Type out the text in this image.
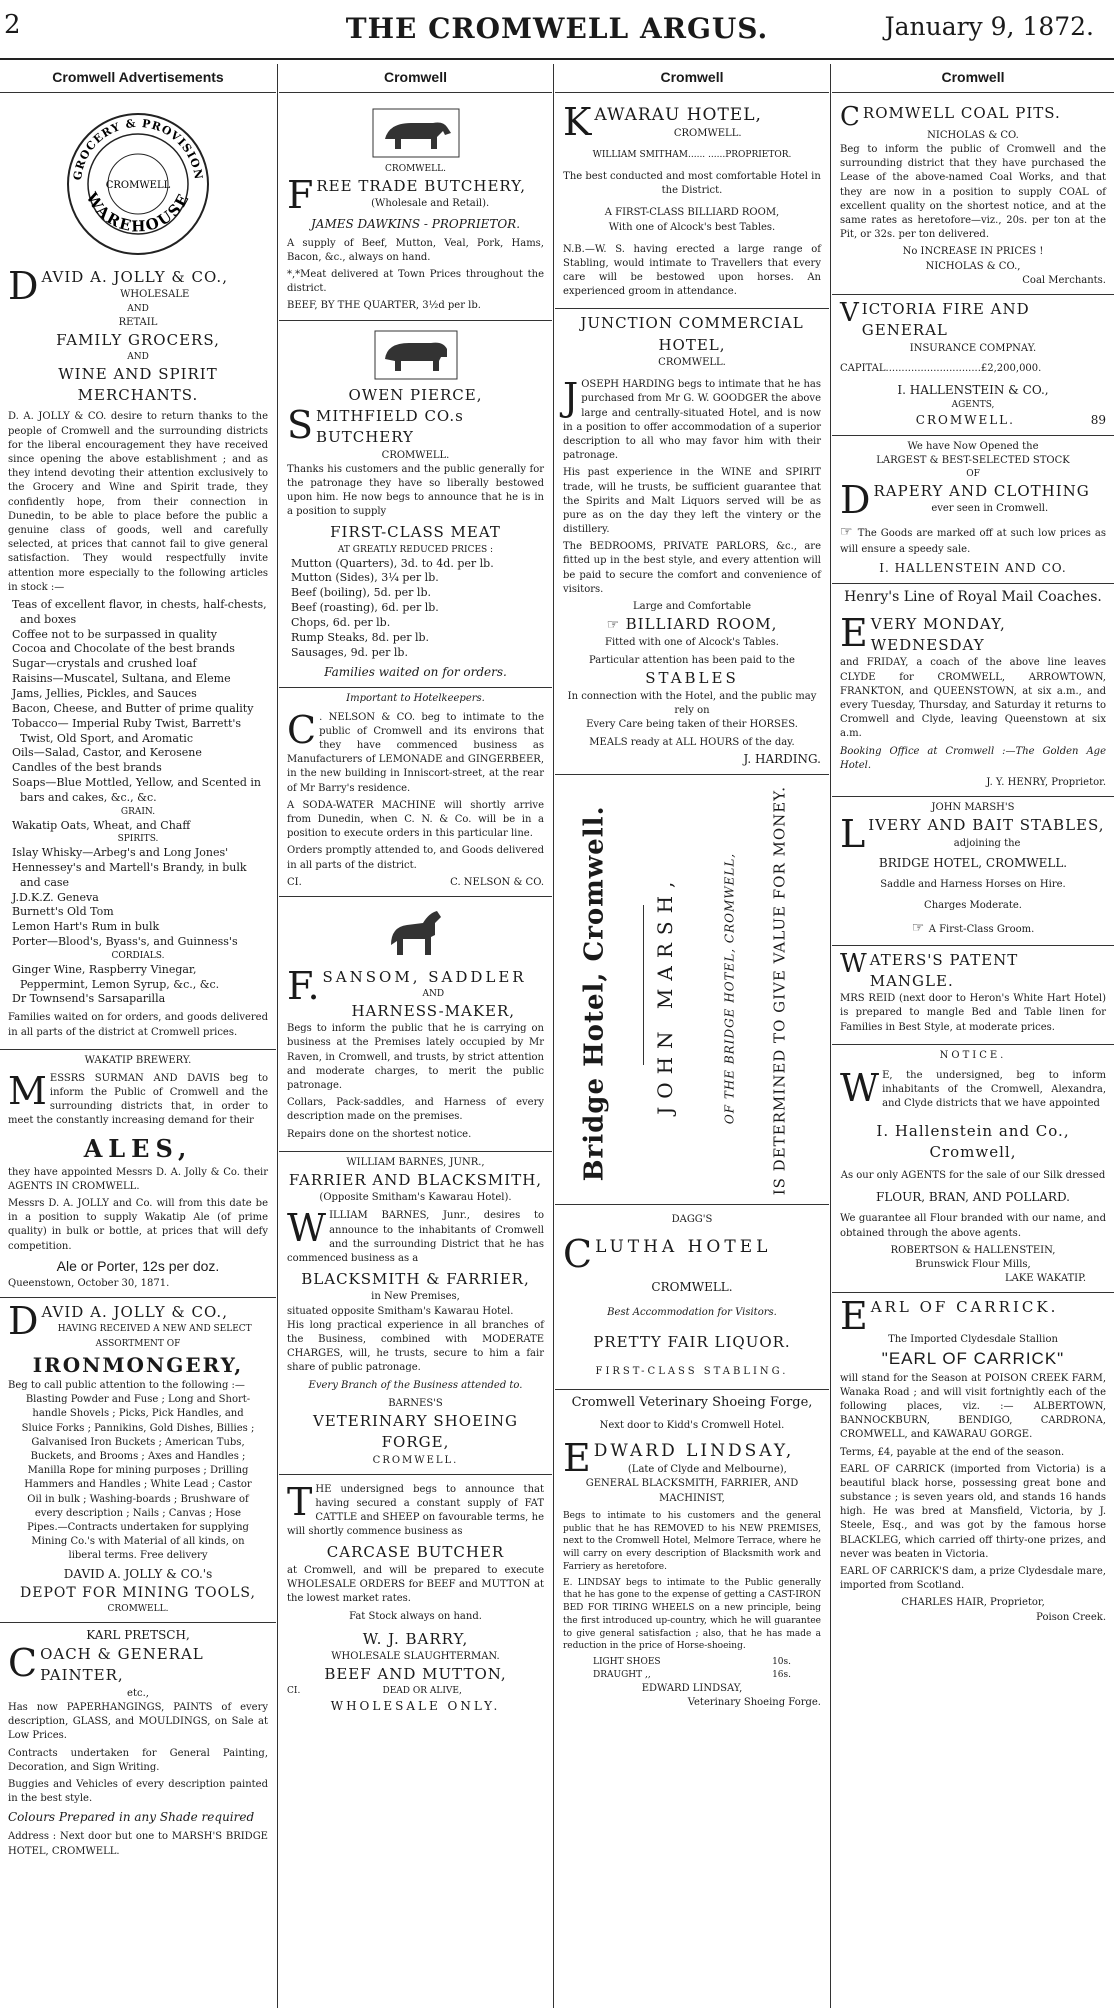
2	THE CROMWELL ARGUS.	January 9, 1872.
Cromwell Advertisements
GROCERY & PROVISION
WAREHOUSE
CROMWELL
D AVID A. JOLLY & CO.,
WHOLESALE
AND
RETAIL
FAMILY GROCERS,
AND
WINE AND SPIRIT MERCHANTS.

D. A. JOLLY & CO. desire to return thanks to the people of Cromwell and the surrounding districts for the liberal encouragement they have received since opening the above establishment ; and as they intend devoting their attention exclusively to the Grocery and Wine and Spirit trade, they confidently hope, from their connection in Dunedin, to be able to place before the public a genuine class of goods, well and carefully selected, at prices that cannot fail to give general satisfaction. They would respectfully invite attention more especially to the following articles in stock :—

Teas of excellent flavor, in chests, half-chests, and boxes
Coffee not to be surpassed in quality
Cocoa and Chocolate of the best brands
Sugar—crystals and crushed loaf
Raisins—Muscatel, Sultana, and Eleme
Jams, Jellies, Pickles, and Sauces
Bacon, Cheese, and Butter of prime quality
Tobacco— Imperial Ruby Twist, Barrett's Twist, Old Sport, and Aromatic
Oils—Salad, Castor, and Kerosene
Candles of the best brands
Soaps—Blue Mottled, Yellow, and Scented in bars and cakes, &c., &c.
GRAIN.
Wakatip Oats, Wheat, and Chaff
SPIRITS.
Islay Whisky—Arbeg's and Long Jones'
Hennessey's and Martell's Brandy, in bulk and case
J.D.K.Z. Geneva
Burnett's Old Tom
Lemon Hart's Rum in bulk
Porter—Blood's, Byass's, and Guinness's
CORDIALS.
Ginger Wine, Raspberry Vinegar, Peppermint, Lemon Syrup, &c., &c.
Dr Townsend's Sarsaparilla

Families waited on for orders, and goods delivered in all parts of the district at Cromwell prices.

WAKATIP BREWERY.
M ESSRS SURMAN AND DAVIS beg to inform the Public of Cromwell and the surrounding districts that, in order to meet the constantly increasing demand for their

ALES,

they have appointed Messrs D. A. Jolly & Co. their AGENTS IN CROMWELL.

Messrs D. A. JOLLY and Co. will from this date be in a position to supply Wakatip Ale (of prime quality) in bulk or bottle, at prices that will defy competition.

Ale or Porter, 12s per doz.
Queenstown, October 30, 1871.
D AVID A. JOLLY & CO.,
HAVING RECEIVED A NEW AND SELECT
ASSORTMENT OF
IRONMONGERY,
Beg to call public attention to the following :—

Blasting Powder and Fuse ; Long and Short-handle Shovels ; Picks, Pick Handles, and Sluice Forks ; Pannikins, Gold Dishes, Billies ; Galvanised Iron Buckets ; American Tubs, Buckets, and Brooms ; Axes and Handles ; Manilla Rope for mining purposes ; Drilling Hammers and Handles ; White Lead ; Castor Oil in bulk ; Washing-boards ; Brushware of every description ; Nails ; Canvas ; Hose Pipes.—Contracts undertaken for supplying Mining Co.'s with Material of all kinds, on liberal terms. Free delivery

DAVID A. JOLLY & CO.'s
DEPOT FOR MINING TOOLS,
CROMWELL.
KARL PRETSCH,
C OACH & GENERAL PAINTER,
etc.,

Has now PAPERHANGINGS, PAINTS of every description, GLASS, and MOULDINGS, on Sale at Low Prices.

Contracts undertaken for General Painting, Decoration, and Sign Writing.

Buggies and Vehicles of every description painted in the best style.

Colours Prepared in any Shade required

Address : Next door but one to MARSH'S BRIDGE HOTEL, CROMWELL.

Cromwell
CROMWELL.
F REE TRADE BUTCHERY,
(Wholesale and Retail).
JAMES DAWKINS - PROPRIETOR.

A supply of Beef, Mutton, Veal, Pork, Hams, Bacon, &c., always on hand.

*,*Meat delivered at Town Prices throughout the district.

BEEF, BY THE QUARTER, 3½d per lb.
OWEN PIERCE,
S MITHFIELD CO.s BUTCHERY
CROMWELL.

Thanks his customers and the public generally for the patronage they have so liberally bestowed upon him. He now begs to announce that he is in a position to supply

FIRST-CLASS MEAT
AT GREATLY REDUCED PRICES :
Mutton (Quarters), 3d. to 4d. per lb.
Mutton (Sides), 3¼ per lb.
Beef (boiling), 5d. per lb.
Beef (roasting), 6d. per lb.
Chops, 6d. per lb.
Rump Steaks, 8d. per lb.
Sausages, 9d. per lb.
Families waited on for orders.
Important to Hotelkeepers.
C . NELSON & CO. beg to intimate to the public of Cromwell and its environs that they have commenced business as Manufacturers of LEMONADE and GINGERBEER, in the new building in Inniscort-street, at the rear of Mr Barry's residence.

A SODA-WATER MACHINE will shortly arrive from Dunedin, when C. N. & Co. will be in a position to execute orders in this particular line.

Orders promptly attended to, and Goods delivered in all parts of the district.

CI.	C. NELSON & CO.
F. SANSOM, SADDLER
AND
HARNESS-MAKER,

Begs to inform the public that he is carrying on business at the Premises lately occupied by Mr Raven, in Cromwell, and trusts, by strict attention and moderate charges, to merit the public patronage.

Collars, Pack-saddles, and Harness of every description made on the premises.

Repairs done on the shortest notice.

WILLIAM BARNES, JUNR.,
FARRIER AND BLACKSMITH,
(Opposite Smitham's Kawarau Hotel).
W ILLIAM BARNES, Junr., desires to announce to the inhabitants of Cromwell and the surrounding District that he has commenced business as a

BLACKSMITH & FARRIER,
in New Premises,
situated opposite Smitham's Kawarau Hotel.

His long practical experience in all branches of the Business, combined with MODERATE CHARGES, will, he trusts, secure to him a fair share of public patronage.

Every Branch of the Business attended to.
BARNES'S
VETERINARY SHOEING FORGE,
CROMWELL.
T HE undersigned begs to announce that having secured a constant supply of FAT CATTLE and SHEEP on favourable terms, he will shortly commence business as

CARCASE BUTCHER

at Cromwell, and will be prepared to execute WHOLESALE ORDERS for BEEF and MUTTON at the lowest market rates.

Fat Stock always on hand.
W. J. BARRY,
WHOLESALE SLAUGHTERMAN.
BEEF AND MUTTON,
CI.	DEAD OR ALIVE,
WHOLESALE ONLY.
Cromwell
K AWARAU HOTEL,
CROMWELL.
WILLIAM SMITHAM...... ......PROPRIETOR.

The best conducted and most comfortable Hotel in the District.

A FIRST-CLASS BILLIARD ROOM,
With one of Alcock's best Tables.

N.B.—W. S. having erected a large range of Stabling, would intimate to Travellers that every care will be bestowed upon horses. An experienced groom in attendance.

JUNCTION COMMERCIAL HOTEL,
CROMWELL.
J OSEPH HARDING begs to intimate that he has purchased from Mr G. W. GOODGER the above large and centrally-situated Hotel, and is now in a position to offer accommodation of a superior description to all who may favor him with their patronage.

His past experience in the WINE and SPIRIT trade, will he trusts, be sufficient guarantee that the Spirits and Malt Liquors served will be as pure as on the day they left the vintery or the distillery.

The BEDROOMS, PRIVATE PARLORS, &c., are fitted up in the best style, and every attention will be paid to secure the comfort and convenience of visitors.

Large and Comfortable
☞ BILLIARD ROOM,
Fitted with one of Alcock's Tables.
Particular attention has been paid to the
STABLES
In connection with the Hotel, and the public may rely on
Every Care being taken of their HORSES.
MEALS ready at ALL HOURS of the day.
J. HARDING.
Bridge Hotel, Cromwell. JOHN MARSH,	OF THE BRIDGE HOTEL, CROMWELL, IS DETERMINED TO GIVE VALUE FOR MONEY.
DAGG'S
C LUTHA HOTEL
CROMWELL.
Best Accommodation for Visitors.
PRETTY FAIR LIQUOR.
FIRST-CLASS STABLING.
Cromwell Veterinary Shoeing Forge,
Next door to Kidd's Cromwell Hotel.
E DWARD LINDSAY,
(Late of Clyde and Melbourne),
GENERAL BLACKSMITH, FARRIER, AND MACHINIST,

Begs to intimate to his customers and the general public that he has REMOVED to his NEW PREMISES, next to the Cromwell Hotel, Melmore Terrace, where he will carry on every description of Blacksmith work and Farriery as heretofore.

E. LINDSAY begs to intimate to the Public generally that he has gone to the expense of getting a CAST-IRON BED FOR TIRING WHEELS on a new principle, being the first introduced up-country, which he will guarantee to give general satisfaction ; also, that he has made a reduction in the price of Horse-shoeing.

LIGHT SHOES	10s.
DRAUGHT ,,	16s.
EDWARD LINDSAY,
Veterinary Shoeing Forge.
Cromwell
C ROMWELL COAL PITS.
NICHOLAS & CO.

Beg to inform the public of Cromwell and the surrounding district that they have purchased the Lease of the above-named Coal Works, and that they are now in a position to supply COAL of excellent quality on the shortest notice, and at the same rates as heretofore—viz., 20s. per ton at the Pit, or 32s. per ton delivered.

No INCREASE IN PRICES !
NICHOLAS & CO.,
Coal Merchants.
V ICTORIA FIRE AND GENERAL
INSURANCE COMPNAY.
CAPITAL..............................£2,200,000.
I. HALLENSTEIN & CO.,
AGENTS,
CROMWELL.	89
We have Now Opened the
LARGEST & BEST-SELECTED STOCK
OF
D RAPERY AND CLOTHING
ever seen in Cromwell.

☞ The Goods are marked off at such low prices as will ensure a speedy sale.

I. HALLENSTEIN AND CO.
Henry's Line of Royal Mail Coaches.
E VERY MONDAY, WEDNESDAY

and FRIDAY, a coach of the above line leaves CLYDE for CROMWELL, ARROWTOWN, FRANKTON, and QUEENSTOWN, at six a.m., and every Tuesday, Thursday, and Saturday it returns to Cromwell and Clyde, leaving Queenstown at six a.m.

Booking Office at Cromwell :—The Golden Age Hotel.

J. Y. HENRY, Proprietor.
JOHN MARSH'S
L IVERY AND BAIT STABLES,
adjoining the
BRIDGE HOTEL, CROMWELL.
Saddle and Harness Horses on Hire.
Charges Moderate.
☞ A First-Class Groom.
W ATERS'S PATENT MANGLE.

MRS REID (next door to Heron's White Hart Hotel) is prepared to mangle Bed and Table linen for Families in Best Style, at moderate prices.

NOTICE.
W E, the undersigned, beg to inform inhabitants of the Cromwell, Alexandra, and Clyde districts that we have appointed

I. Hallenstein and Co., Cromwell,

As our only AGENTS for the sale of our Silk dressed

FLOUR, BRAN, AND POLLARD.

We guarantee all Flour branded with our name, and obtained through the above agents.

ROBERTSON & HALLENSTEIN,
Brunswick Flour Mills,
LAKE WAKATIP.
E ARL OF CARRICK.
The Imported Clydesdale Stallion
"EARL OF CARRICK"

will stand for the Season at POISON CREEK FARM, Wanaka Road ; and will visit fortnightly each of the following places, viz. :— ALBERTOWN, BANNOCKBURN, BENDIGO, CARDRONA, CROMWELL, and KAWARAU GORGE.

Terms, £4, payable at the end of the season.

EARL OF CARRICK (imported from Victoria) is a beautiful black horse, possessing great bone and substance ; is seven years old, and stands 16 hands high. He was bred at Mansfield, Victoria, by J. Steele, Esq., and was got by the famous horse BLACKLEG, which carried off thirty-one prizes, and never was beaten in Victoria.

EARL OF CARRICK'S dam, a prize Clydesdale mare, imported from Scotland.

CHARLES HAIR, Proprietor,
Poison Creek.
